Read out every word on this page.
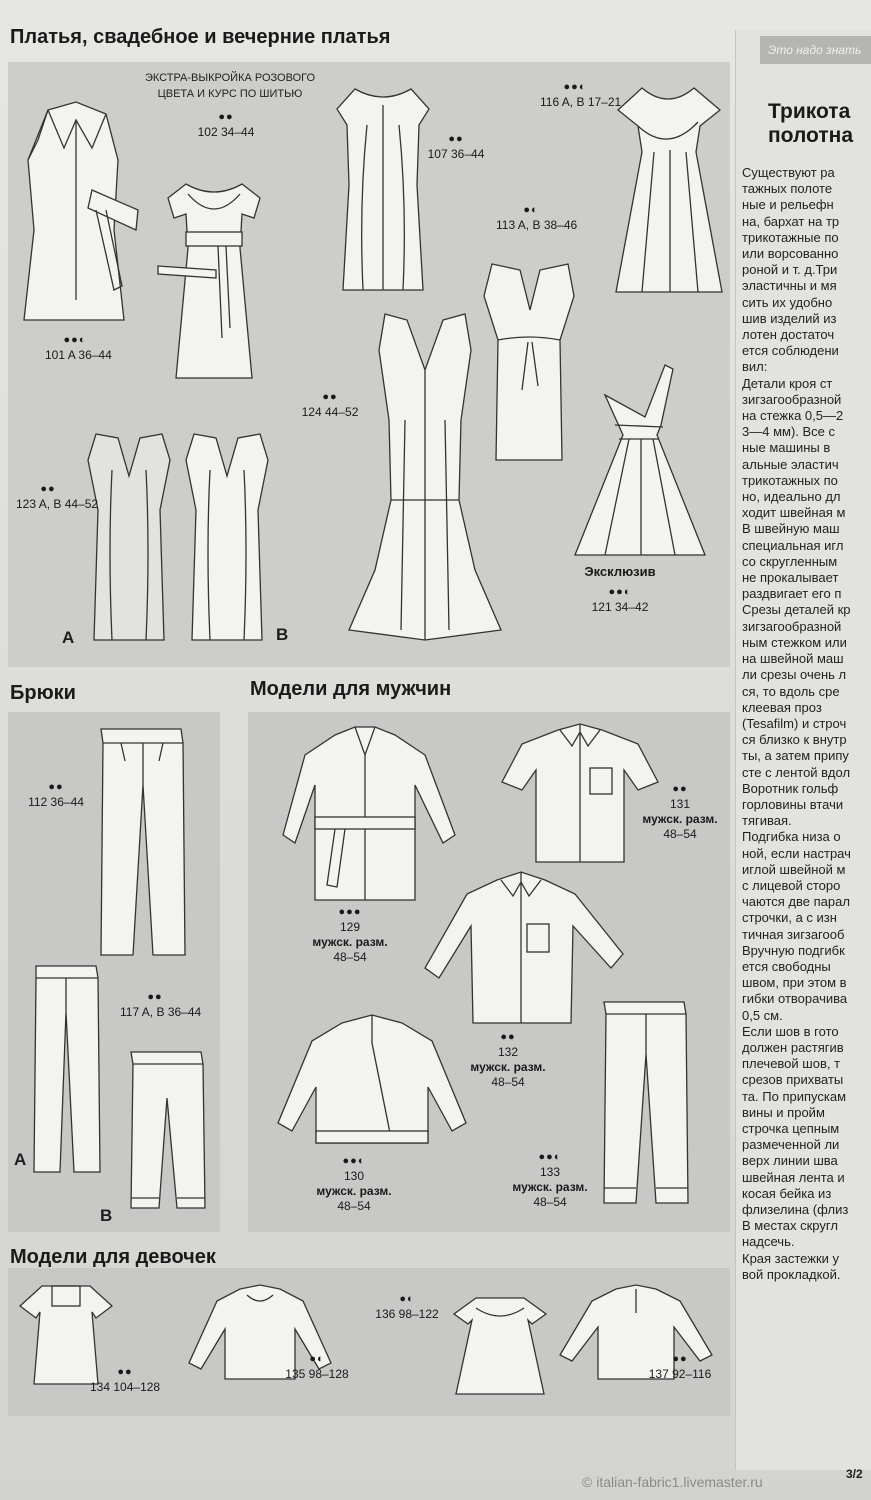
Платья, свадебное и вечерние платья
ЭКСТРА-ВЫКРОЙКА РОЗОВОГО ЦВЕТА И КУРС ПО ШИТЬЮ
Брюки	Модели для мужчин
Модели для девочек
●●◐
101 A 36–44
●●
102 34–44	●●
107 36–44
●●◐
116 A, B 17–21
●◐
113 A, B 38–46
●●
124 44–52
●●
123 A, B 44–52
Эксклюзив
●●◐
121 34–42
A	B
●●
112 36–44
●●
117 A, B 36–44
A
B
●●
131
мужск. разм.
48–54
●●●
129
мужск. разм.
48–54
●●
132
мужск. разм.
48–54
●●◐
130
мужск. разм.
48–54
●●◐
133
мужск. разм.
48–54
●●
134 104–128
●◐
135 98–128
●◐
136 98–122
●●
137 92–116
Это надо знать
Трикота
полотна
Существуют ра
тажных полоте
ные и рельефн
на, бархат на тр
трикотажные по
или ворсованно
роной и т. д.Три
эластичны и мя
сить их удобно
шив изделий из
лотен достаточ
ется соблюдени
вил:
Детали кроя ст
зигзагообразной
на стежка 0,5—2
3—4 мм). Все с
ные машины в
альные эластич
трикотажных по
но, идеально дл
ходит швейная м
В швейную маш
специальная игл
со скругленным
не прокалывает
раздвигает его п
Срезы деталей кр
зигзагообразной
ным стежком или
на швейной маш
ли срезы очень л
ся, то вдоль сре
клеевая проз
(Tesafilm) и строч
ся близко к внутр
ты, а затем припу
сте с лентой вдол
Воротник гольф
горловины втачи
тягивая.
Подгибка низа о
ной, если настрач
иглой швейной м
с лицевой сторо
чаются две парал
строчки, а с изн
тичная зигзагооб
Вручную подгибк
ется свободны
швом, при этом в
гибки отворачива
0,5 см.
Если шов в гото
должен растягив
плечевой шов, т
срезов прихваты
та. По припускам
вины и пройм
строчка цепным
размеченной ли
верх линии шва
швейная лента и
косая бейка из
флизелина (флиз
В местах скругл
надсечь.
Края застежки у
вой прокладкой.
3/2
© italian-fabric1.livemaster.ru
